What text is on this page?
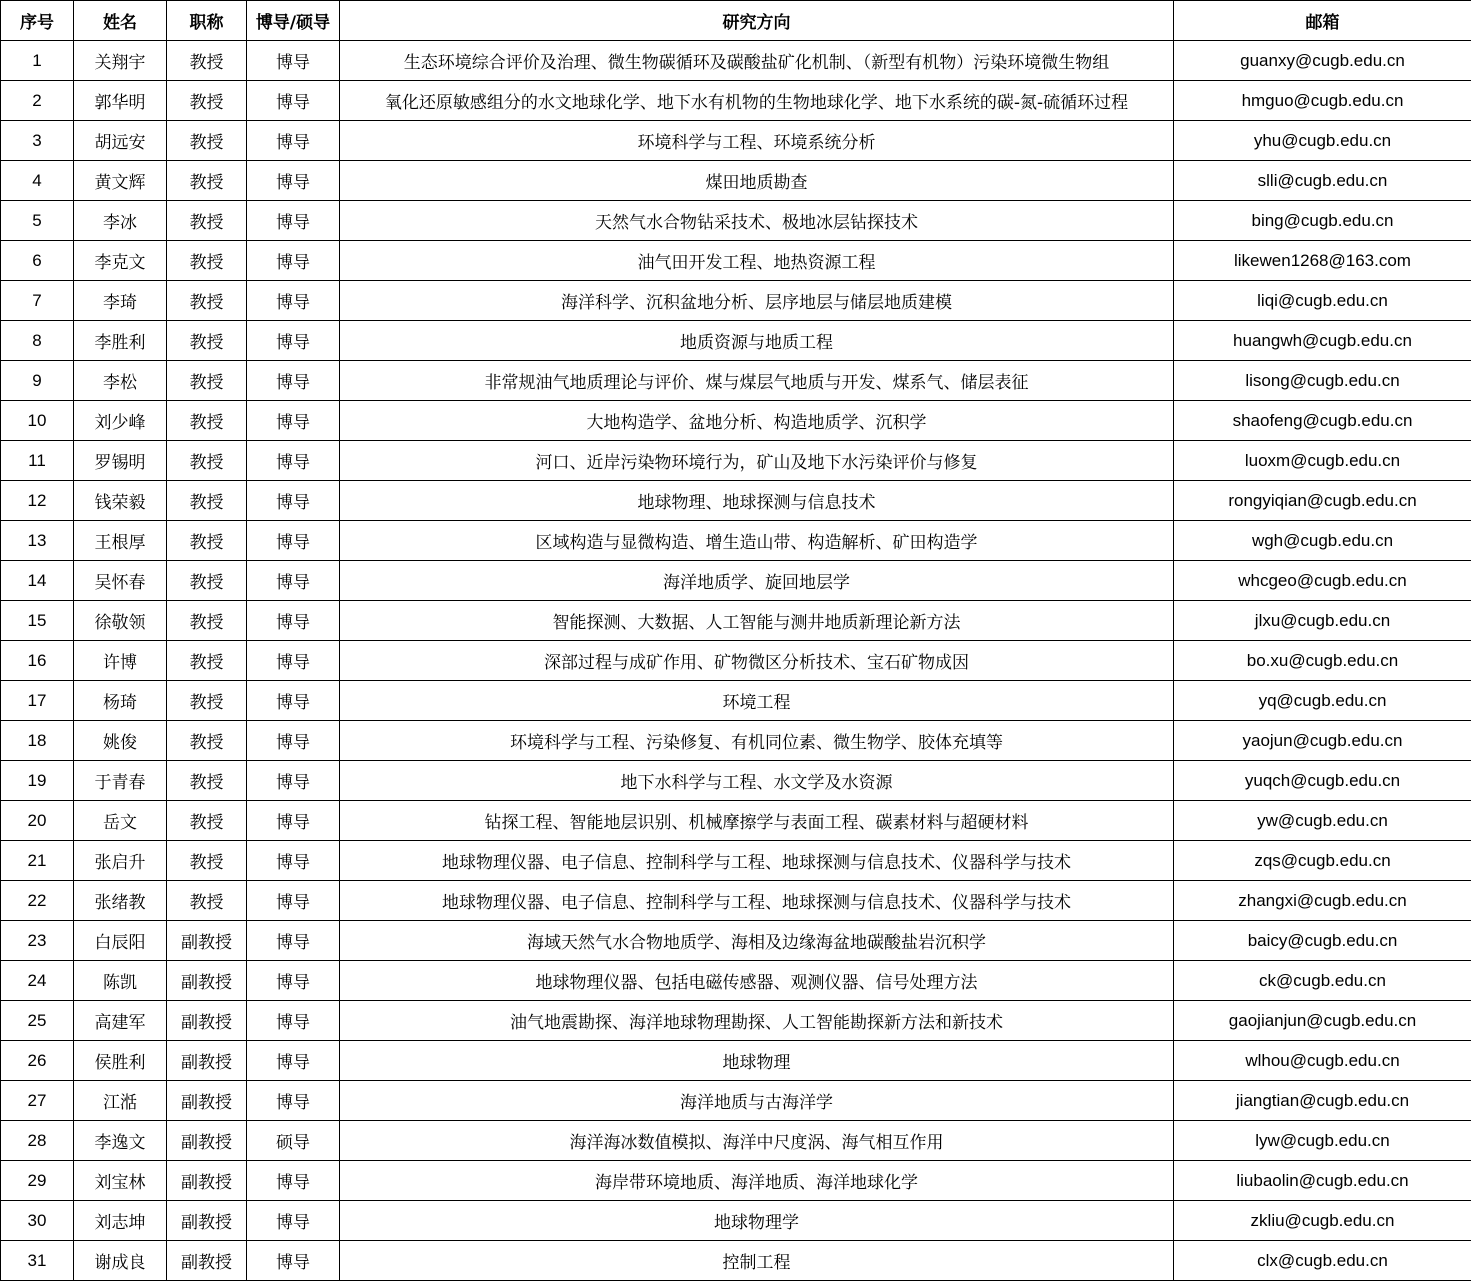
序号	姓名	职称	博导/硕导	研究方向	邮箱
1	关翔宇	教授	博导	生态环境综合评价及治理、微生物碳循环及碳酸盐矿化机制、（新型有机物）污染环境微生物组	guanxy@cugb.edu.cn
2	郭华明	教授	博导	氧化还原敏感组分的水文地球化学、地下水有机物的生物地球化学、地下水系统的碳-氮-硫循环过程	hmguo@cugb.edu.cn
3	胡远安	教授	博导	环境科学与工程、环境系统分析	yhu@cugb.edu.cn
4	黄文辉	教授	博导	煤田地质勘查	slli@cugb.edu.cn
5	李冰	教授	博导	天然气水合物钻采技术、极地冰层钻探技术	bing@cugb.edu.cn
6	李克文	教授	博导	油气田开发工程、地热资源工程	likewen1268@163.com
7	李琦	教授	博导	海洋科学、沉积盆地分析、层序地层与储层地质建模	liqi@cugb.edu.cn
8	李胜利	教授	博导	地质资源与地质工程	huangwh@cugb.edu.cn
9	李松	教授	博导	非常规油气地质理论与评价、煤与煤层气地质与开发、煤系气、储层表征	lisong@cugb.edu.cn
10	刘少峰	教授	博导	大地构造学、盆地分析、构造地质学、沉积学	shaofeng@cugb.edu.cn
11	罗锡明	教授	博导	河口、近岸污染物环境行为，矿山及地下水污染评价与修复	luoxm@cugb.edu.cn
12	钱荣毅	教授	博导	地球物理、地球探测与信息技术	rongyiqian@cugb.edu.cn
13	王根厚	教授	博导	区域构造与显微构造、增生造山带、构造解析、矿田构造学	wgh@cugb.edu.cn
14	吴怀春	教授	博导	海洋地质学、旋回地层学	whcgeo@cugb.edu.cn
15	徐敬领	教授	博导	智能探测、大数据、人工智能与测井地质新理论新方法	jlxu@cugb.edu.cn
16	许博	教授	博导	深部过程与成矿作用、矿物微区分析技术、宝石矿物成因	bo.xu@cugb.edu.cn
17	杨琦	教授	博导	环境工程	yq@cugb.edu.cn
18	姚俊	教授	博导	环境科学与工程、污染修复、有机同位素、微生物学、胶体充填等	yaojun@cugb.edu.cn
19	于青春	教授	博导	地下水科学与工程、水文学及水资源	yuqch@cugb.edu.cn
20	岳文	教授	博导	钻探工程、智能地层识别、机械摩擦学与表面工程、碳素材料与超硬材料	yw@cugb.edu.cn
21	张启升	教授	博导	地球物理仪器、电子信息、控制科学与工程、地球探测与信息技术、仪器科学与技术	zqs@cugb.edu.cn
22	张绪教	教授	博导	地球物理仪器、电子信息、控制科学与工程、地球探测与信息技术、仪器科学与技术	zhangxi@cugb.edu.cn
23	白辰阳	副教授	博导	海域天然气水合物地质学、海相及边缘海盆地碳酸盐岩沉积学	baicy@cugb.edu.cn
24	陈凯	副教授	博导	地球物理仪器、包括电磁传感器、观测仪器、信号处理方法	ck@cugb.edu.cn
25	高建军	副教授	博导	油气地震勘探、海洋地球物理勘探、人工智能勘探新方法和新技术	gaojianjun@cugb.edu.cn
26	侯胜利	副教授	博导	地球物理	wlhou@cugb.edu.cn
27	江湉	副教授	博导	海洋地质与古海洋学	jiangtian@cugb.edu.cn
28	李逸文	副教授	硕导	海洋海冰数值模拟、海洋中尺度涡、海气相互作用	lyw@cugb.edu.cn
29	刘宝林	副教授	博导	海岸带环境地质、海洋地质、海洋地球化学	liubaolin@cugb.edu.cn
30	刘志坤	副教授	博导	地球物理学	zkliu@cugb.edu.cn
31	谢成良	副教授	博导	控制工程	clx@cugb.edu.cn
